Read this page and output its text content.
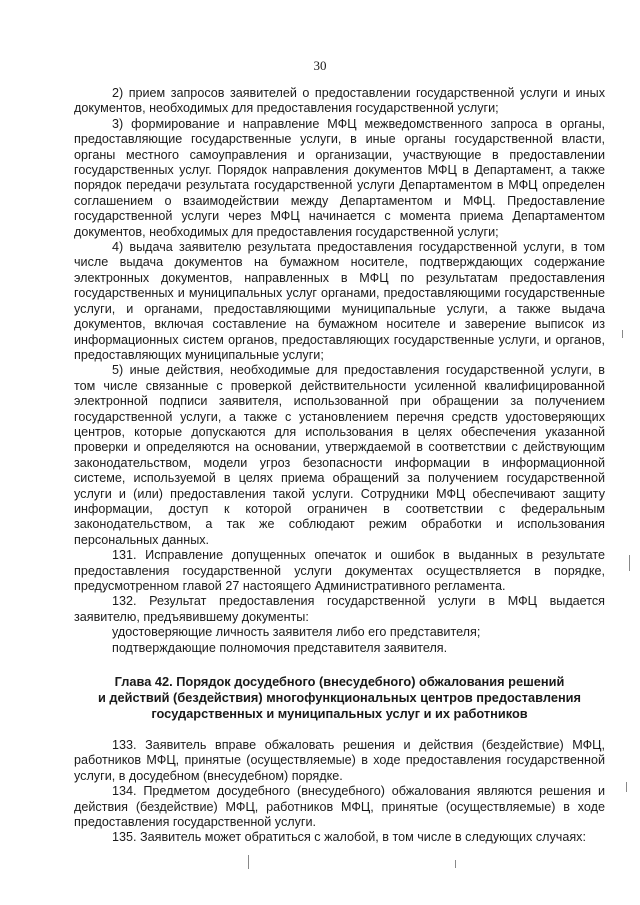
30

2) прием запросов заявителей о предоставлении государственной услуги и иных документов, необходимых для предоставления государственной услуги;

3) формирование и направление МФЦ межведомственного запроса в органы, предоставляющие государственные услуги, в иные органы государственной власти, органы местного самоуправления и организации, участвующие в предоставлении государственных услуг. Порядок направления документов МФЦ в Департамент, а также порядок передачи результата государственной услуги Департаментом в МФЦ определен соглашением о взаимодействии между Департаментом и МФЦ. Предоставление государственной услуги через МФЦ начинается с момента приема Департаментом документов, необходимых для предоставления государственной услуги;

4) выдача заявителю результата предоставления государственной услуги, в том числе выдача документов на бумажном носителе, подтверждающих содержание электронных документов, направленных в МФЦ по результатам предоставления государственных и муниципальных услуг органами, предоставляющими государственные услуги, и органами, предоставляющими муниципальные услуги, а также выдача документов, включая составление на бумажном носителе и заверение выписок из информационных систем органов, предоставляющих государственные услуги, и органов, предоставляющих муниципальные услуги;

5) иные действия, необходимые для предоставления государственной услуги, в том числе связанные с проверкой действительности усиленной квалифицированной электронной подписи заявителя, использованной при обращении за получением государственной услуги, а также с установлением перечня средств удостоверяющих центров, которые допускаются для использования в целях обеспечения указанной проверки и определяются на основании, утверждаемой в соответствии с действующим законодательством, модели угроз безопасности информации в информационной системе, используемой в целях приема обращений за получением государственной услуги и (или) предоставления такой услуги. Сотрудники МФЦ обеспечивают защиту информации, доступ к которой ограничен в соответствии с федеральным законодательством, а так же соблюдают режим обработки и использования персональных данных.

131. Исправление допущенных опечаток и ошибок в выданных в результате предоставления государственной услуги документах осуществляется в порядке, предусмотренном главой 27 настоящего Административного регламента.

132. Результат предоставления государственной услуги в МФЦ выдается заявителю, предъявившему документы:

удостоверяющие личность заявителя либо его представителя;

подтверждающие полномочия представителя заявителя.

Глава 42. Порядок досудебного (внесудебного) обжалования решений
и действий (бездействия) многофункциональных центров предоставления
государственных и муниципальных услуг и их работников

133. Заявитель вправе обжаловать решения и действия (бездействие) МФЦ, работников МФЦ, принятые (осуществляемые) в ходе предоставления государственной услуги, в досудебном (внесудебном) порядке.

134. Предметом досудебного (внесудебного) обжалования являются решения и действия (бездействие) МФЦ, работников МФЦ, принятые (осуществляемые) в ходе предоставления государственной услуги.

135. Заявитель может обратиться с жалобой, в том числе в следующих случаях:
